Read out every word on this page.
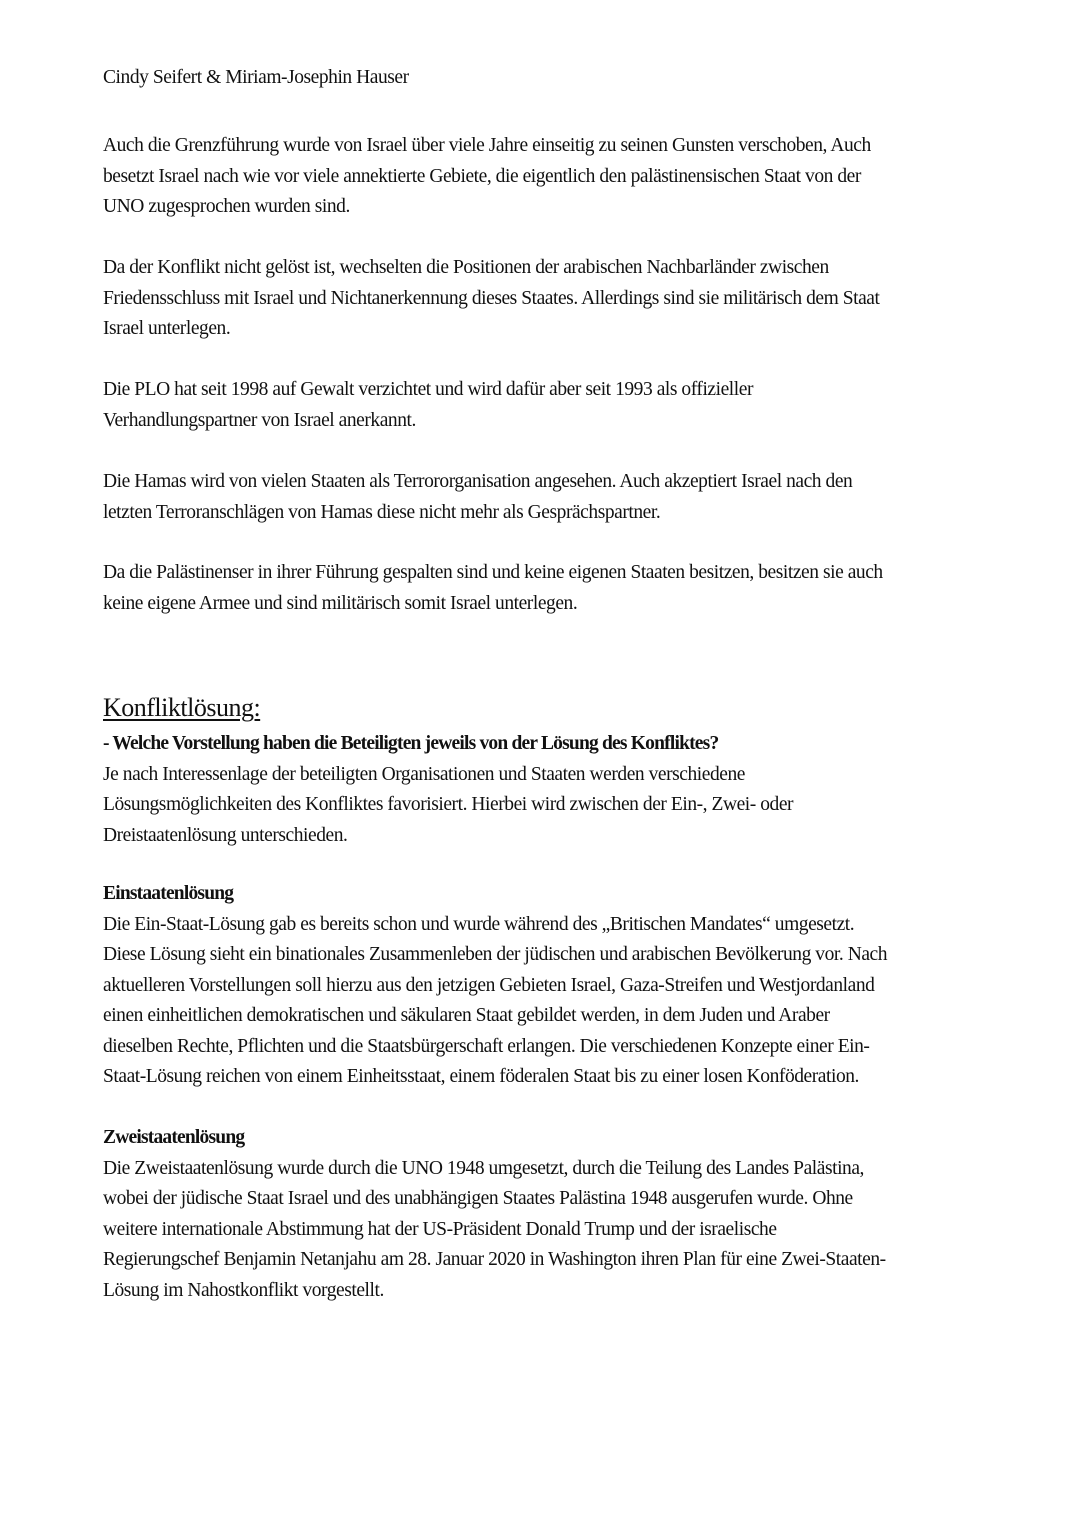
Cindy Seifert & Miriam-Josephin Hauser
Auch die Grenzführung wurde von Israel über viele Jahre einseitig zu seinen Gunsten verschoben, Auch
besetzt Israel nach wie vor viele annektierte Gebiete, die eigentlich den palästinensischen Staat von der
UNO zugesprochen wurden sind.
Da der Konflikt nicht gelöst ist, wechselten die Positionen der arabischen Nachbarländer zwischen
Friedensschluss mit Israel und Nichtanerkennung dieses Staates. Allerdings sind sie militärisch dem Staat
Israel unterlegen.
Die PLO hat seit 1998 auf Gewalt verzichtet und wird dafür aber seit 1993 als offizieller
Verhandlungspartner von Israel anerkannt.
Die Hamas wird von vielen Staaten als Terrororganisation angesehen. Auch akzeptiert Israel nach den
letzten Terroranschlägen von Hamas diese nicht mehr als Gesprächspartner.
Da die Palästinenser in ihrer Führung gespalten sind und keine eigenen Staaten besitzen, besitzen sie auch
keine eigene Armee und sind militärisch somit Israel unterlegen.
Konfliktlösung:
- Welche Vorstellung haben die Beteiligten jeweils von der Lösung des Konfliktes?
Je nach Interessenlage der beteiligten Organisationen und Staaten werden verschiedene
Lösungsmöglichkeiten des Konfliktes favorisiert. Hierbei wird zwischen der Ein-, Zwei- oder
Dreistaatenlösung unterschieden.
Einstaatenlösung
Die Ein-Staat-Lösung gab es bereits schon und wurde während des „Britischen Mandates“ umgesetzt.
Diese Lösung sieht ein binationales Zusammenleben der jüdischen und arabischen Bevölkerung vor. Nach
aktuelleren Vorstellungen soll hierzu aus den jetzigen Gebieten Israel, Gaza-Streifen und Westjordanland
einen einheitlichen demokratischen und säkularen Staat gebildet werden, in dem Juden und Araber
dieselben Rechte, Pflichten und die Staatsbürgerschaft erlangen. Die verschiedenen Konzepte einer Ein-
Staat-Lösung reichen von einem Einheitsstaat, einem föderalen Staat bis zu einer losen Konföderation.
Zweistaatenlösung
Die Zweistaatenlösung wurde durch die UNO 1948 umgesetzt, durch die Teilung des Landes Palästina,
wobei der jüdische Staat Israel und des unabhängigen Staates Palästina 1948 ausgerufen wurde. Ohne
weitere internationale Abstimmung hat der US-Präsident Donald Trump und der israelische
Regierungschef Benjamin Netanjahu am 28. Januar 2020 in Washington ihren Plan für eine Zwei-Staaten-
Lösung im Nahostkonflikt vorgestellt.
